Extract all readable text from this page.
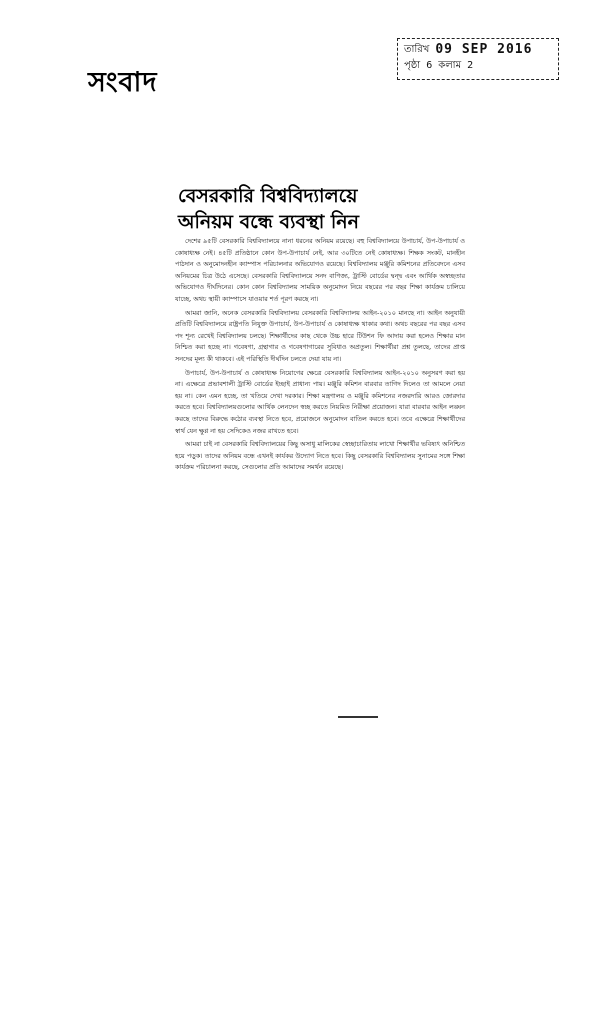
সংবাদ
তারিখ 09 SEP 2016
পৃষ্ঠা 6 কলাম 2
বেসরকারি বিশ্ববিদ্যালয়ে
অনিয়ম বন্ধে ব্যবস্থা নিন

দেশের ৯৫টি বেসরকারি বিশ্ববিদ্যালয়ে নানা ধরনের অনিয়ম রয়েছে। বহু বিশ্ববিদ্যালয়ে উপাচার্য, উপ-উপাচার্য ও কোষাধ্যক্ষ নেই। ৪৫টি প্রতিষ্ঠানে কোন উপ-উপাচার্য নেই, আর ৩০টিতে নেই কোষাধ্যক্ষ। শিক্ষক সংকট, মানহীন পাঠদান ও অনুমোদনহীন ক্যাম্পাস পরিচালনার অভিযোগও রয়েছে। বিশ্ববিদ্যালয় মঞ্জুরি কমিশনের প্রতিবেদনে এসব অনিয়মের চিত্র উঠে এসেছে। বেসরকারি বিশ্ববিদ্যালয়ে সনদ বাণিজ্য, ট্রাস্টি বোর্ডের দ্বন্দ্ব এবং আর্থিক অস্বচ্ছতার অভিযোগও দীর্ঘদিনের। কোন কোন বিশ্ববিদ্যালয় সাময়িক অনুমোদন নিয়ে বছরের পর বছর শিক্ষা কার্যক্রম চালিয়ে যাচ্ছে, অথচ স্থায়ী ক্যাম্পাসে যাওয়ার শর্ত পূরণ করছে না।

আমরা জানি, অনেক বেসরকারি বিশ্ববিদ্যালয় বেসরকারি বিশ্ববিদ্যালয় আইন-২০১০ মানছে না। আইন অনুযায়ী প্রতিটি বিশ্ববিদ্যালয়ে রাষ্ট্রপতি নিযুক্ত উপাচার্য, উপ-উপাচার্য ও কোষাধ্যক্ষ থাকার কথা। অথচ বছরের পর বছর এসব পদ শূন্য রেখেই বিশ্ববিদ্যালয় চলছে। শিক্ষার্থীদের কাছ থেকে উচ্চ হারে টিউশন ফি আদায় করা হলেও শিক্ষার মান নিশ্চিত করা হচ্ছে না। গবেষণা, গ্রন্থাগার ও গবেষণাগারের সুবিধাও অপ্রতুল। শিক্ষার্থীরা প্রশ্ন তুলছে, তাদের প্রাপ্ত সনদের মূল্য কী থাকবে। এই পরিস্থিতি দীর্ঘদিন চলতে দেয়া যায় না।

উপাচার্য, উপ-উপাচার্য ও কোষাধ্যক্ষ নিয়োগের ক্ষেত্রে বেসরকারি বিশ্ববিদ্যালয় আইন-২০১০ অনুসরণ করা হয় না। এক্ষেত্রে প্রভাবশালী ট্রাস্টি বোর্ডের ইচ্ছাই প্রাধান্য পায়। মঞ্জুরি কমিশন বারবার তাগিদ দিলেও তা আমলে নেয়া হয় না। কেন এমন হচ্ছে, তা খতিয়ে দেখা দরকার। শিক্ষা মন্ত্রণালয় ও মঞ্জুরি কমিশনের নজরদারি আরও জোরদার করতে হবে। বিশ্ববিদ্যালয়গুলোর আর্থিক লেনদেন স্বচ্ছ করতে নিয়মিত নিরীক্ষা প্রয়োজন। যারা বারবার আইন লঙ্ঘন করছে তাদের বিরুদ্ধে কঠোর ব্যবস্থা নিতে হবে, প্রয়োজনে অনুমোদন বাতিল করতে হবে। তবে এক্ষেত্রে শিক্ষার্থীদের স্বার্থ যেন ক্ষুণ্ণ না হয় সেদিকেও নজর রাখতে হবে।

আমরা চাই না বেসরকারি বিশ্ববিদ্যালয়ের কিছু অসাধু মালিকের স্বেচ্ছাচারিতায় লাখো শিক্ষার্থীর ভবিষ্যৎ অনিশ্চিত হয়ে পড়ুক। তাদের অনিয়ম বন্ধে এখনই কার্যকর উদ্যোগ নিতে হবে। কিছু বেসরকারি বিশ্ববিদ্যালয় সুনামের সঙ্গে শিক্ষা কার্যক্রম পরিচালনা করছে, সেগুলোর প্রতি আমাদের সমর্থন রয়েছে।
